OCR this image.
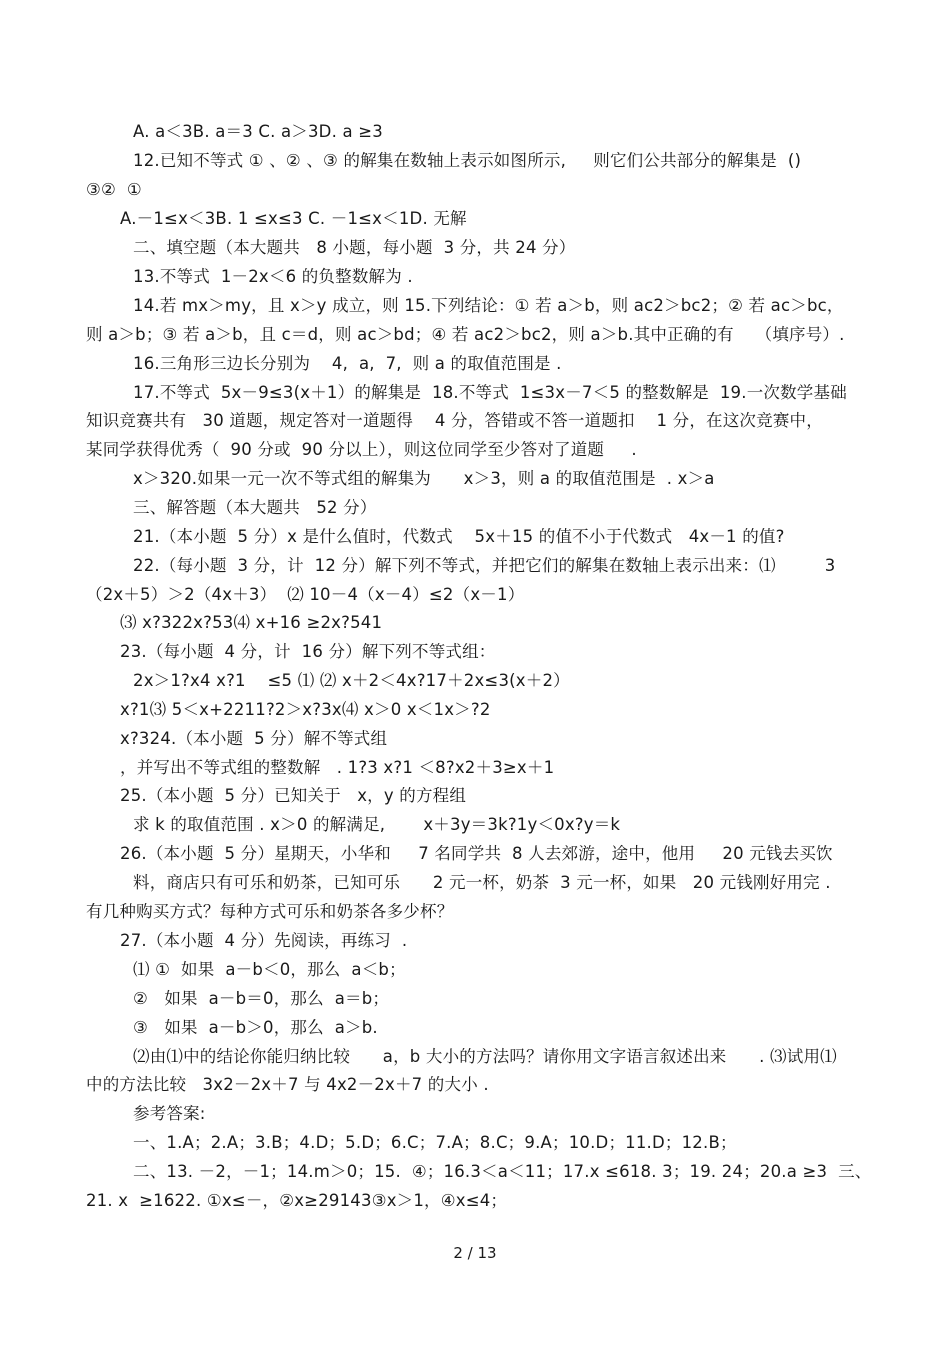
A. a＜3B. a＝3 C. a＞3D. a ≥3
12.已知不等式 ① 、② 、③ 的解集在数轴上表示如图所示,     则它们公共部分的解集是  ()
③②  ①
A.－1≤x＜3B. 1 ≤x≤3 C. －1≤x＜1D. 无解
二、填空题（本大题共   8 小题，每小题  3 分，共 24 分）
13.不等式  1－2x＜6 的负整数解为 .
14.若 mx＞my，且 x＞y 成立，则 15.下列结论：① 若 a＞b，则 ac2＞bc2；② 若 ac＞bc，
则 a＞b；③ 若 a＞b，且 c＝d，则 ac＞bd；④ 若 ac2＞bc2，则 a＞b.其中正确的有    （填序号）.
16.三角形三边长分别为    4,  a,  7,  则 a 的取值范围是 .
17.不等式  5x－9≤3(x＋1）的解集是  18.不等式  1≤3x－7＜5 的整数解是  19.一次数学基础
知识竞赛共有   30 道题，规定答对一道题得    4 分，答错或不答一道题扣    1 分，在这次竞赛中，
某同学获得优秀（  90 分或  90 分以上），则这位同学至少答对了道题     .
x＞320.如果一元一次不等式组的解集为      x＞3，则 a 的取值范围是  . x＞a
三、解答题（本大题共   52 分）
21.（本小题  5 分）x 是什么值时，代数式    5x＋15 的值不小于代数式   4x－1 的值?
22.（每小题  3 分，计  12 分）解下列不等式，并把它们的解集在数轴上表示出来：⑴         3
（2x＋5）＞2（4x＋3）  ⑵ 10－4（x－4）≤2（x－1）
⑶ x?322x?53⑷ x+16 ≥2x?541
23.（每小题  4 分，计  16 分）解下列不等式组：
2x＞1?x4 x?1    ≤5 ⑴ ⑵ x＋2＜4x?17＋2x≤3(x＋2）
x?1⑶ 5＜x+2211?2＞x?3x⑷ x＞0 x＜1x＞?2
x?324.（本小题  5 分）解不等式组
，并写出不等式组的整数解   . 1?3 x?1 ＜8?x2＋3≥x＋1
25.（本小题  5 分）已知关于   x，y 的方程组
求 k 的取值范围 . x＞0 的解满足,       x＋3y＝3k?1y＜0x?y＝k
26.（本小题  5 分）星期天，小华和     7 名同学共  8 人去郊游，途中，他用     20 元钱去买饮
料，商店只有可乐和奶茶，已知可乐      2 元一杯，奶茶  3 元一杯，如果   20 元钱刚好用完 .
有几种购买方式？每种方式可乐和奶茶各多少杯？
27.（本小题  4 分）先阅读，再练习  .
⑴ ①  如果  a－b＜0，那么  a＜b；
②   如果  a－b＝0，那么  a＝b；
③   如果  a－b＞0，那么  a＞b.
⑵由⑴中的结论你能归纳比较      a，b 大小的方法吗？请你用文字语言叙述出来      . ⑶试用⑴
中的方法比较   3x2－2x＋7 与 4x2－2x＋7 的大小 .
参考答案:
一、1.A；2.A；3.B；4.D；5.D；6.C；7.A；8.C；9.A；10.D；11.D；12.B；
二、13. －2，－1；14.m＞0；15.  ④；16.3＜a＜11；17.x ≤618. 3；19. 24；20.a ≥3  三、
21. x  ≥1622. ①x≤－，②x≥29143③x＞1，④x≤4；
2 / 13
